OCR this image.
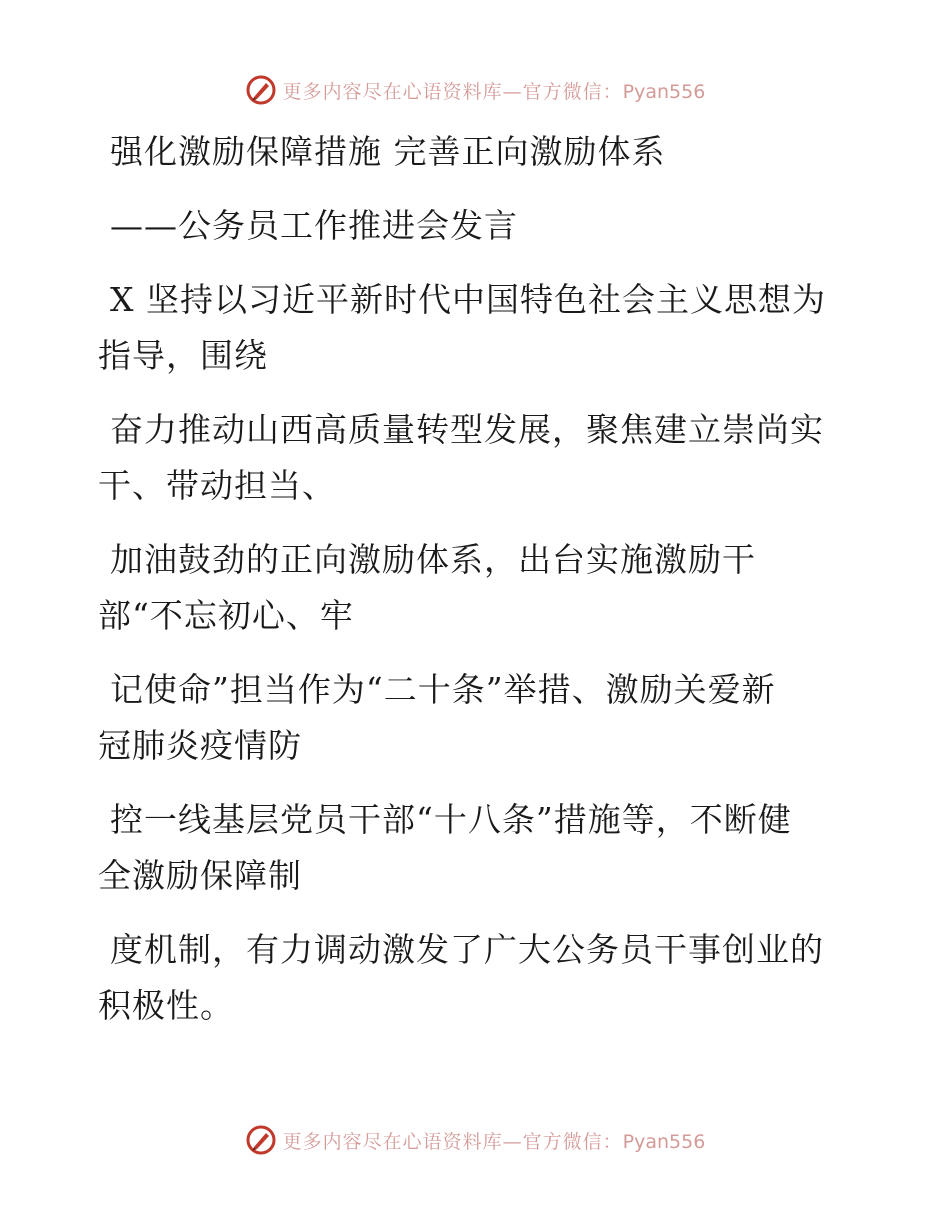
更多内容尽在心语资料库—官方微信：Pyan556
强化激励保障措施 完善正向激励体系
——公务员工作推进会发言
X 坚持以习近平新时代中国特色社会主义思想为
指导，围绕
奋力推动山西高质量转型发展，聚焦建立崇尚实
干、带动担当、
加油鼓劲的正向激励体系，出台实施激励干
部“不忘初心、牢
记使命”担当作为“二十条”举措、激励关爱新
冠肺炎疫情防
控一线基层党员干部“十八条”措施等，不断健
全激励保障制
度机制，有力调动激发了广大公务员干事创业的
积极性。
更多内容尽在心语资料库—官方微信：Pyan556
